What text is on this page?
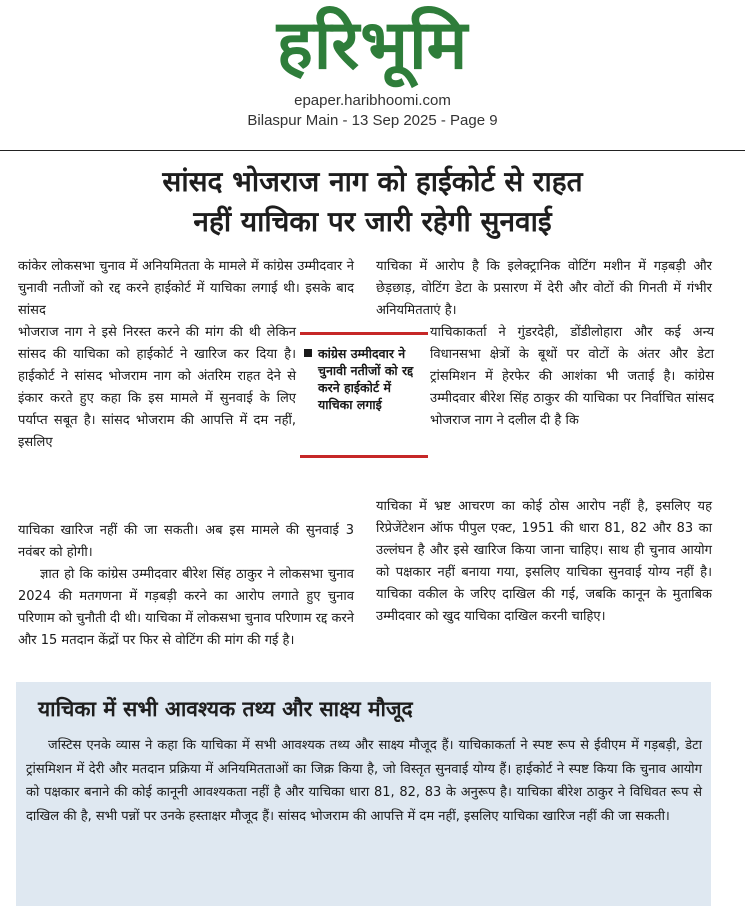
हरिभूमि
epaper.haribhoomi.com
Bilaspur Main - 13 Sep 2025 - Page 9
सांसद भोजराज नाग को हाईकोर्ट से राहत
नहीं याचिका पर जारी रहेगी सुनवाई

कांकेर लोकसभा चुनाव में अनियमितता के मामले में कांग्रेस उम्मीदवार ने चुनावी नतीजों को रद्द करने हाईकोर्ट में याचिका लगाई थी। इसके बाद सांसद

भोजराज नाग ने इसे निरस्त करने की मांग की थी लेकिन सांसद की याचिका को हाईकोर्ट ने खारिज कर दिया है। हाईकोर्ट ने सांसद भोजराम नाग को अंतरिम राहत देने से इंकार करते हुए कहा कि इस मामले में सुनवाई के लिए पर्याप्त सबूत है। सांसद भोजराम की आपत्ति में दम नहीं, इसलिए

याचिका खारिज नहीं की जा सकती। अब इस मामले की सुनवाई 3 नवंबर को होगी।

ज्ञात हो कि कांग्रेस उम्मीदवार बीरेश सिंह ठाकुर ने लोकसभा चुनाव 2024 की मतगणना में गड़बड़ी करने का आरोप लगाते हुए चुनाव परिणाम को चुनौती दी थी। याचिका में लोकसभा चुनाव परिणाम रद्द करने और 15 मतदान केंद्रों पर फिर से वोटिंग की मांग की गई है।

कांग्रेस उम्मीदवार ने चुनावी नतीजों को रद्द करने हाईकोर्ट में याचिका लगाई

याचिका में आरोप है कि इलेक्ट्रानिक वोटिंग मशीन में गड़बड़ी और छेड़छाड़, वोटिंग डेटा के प्रसारण में देरी और वोटों की गिनती में गंभीर अनियमितताएं है।

याचिकाकर्ता ने गुंडरदेही, डोंडीलोहारा और कई अन्य विधानसभा क्षेत्रों के बूथों पर वोटों के अंतर और डेटा ट्रांसमिशन में हेरफेर की आशंका भी जताई है। कांग्रेस उम्मीदवार बीरेश सिंह ठाकुर की याचिका पर निर्वाचित सांसद भोजराज नाग ने दलील दी है कि

याचिका में भ्रष्ट आचरण का कोई ठोस आरोप नहीं है, इसलिए यह रिप्रेजेंटेशन ऑफ पीपुल एक्ट, 1951 की धारा 81, 82 और 83 का उल्लंघन है और इसे खारिज किया जाना चाहिए। साथ ही चुनाव आयोग को पक्षकार नहीं बनाया गया, इसलिए याचिका सुनवाई योग्य नहीं है। याचिका वकील के जरिए दाखिल की गई, जबकि कानून के मुताबिक उम्मीदवार को खुद याचिका दाखिल करनी चाहिए।

याचिका में सभी आवश्यक तथ्य और साक्ष्य मौजूद

जस्टिस एनके व्यास ने कहा कि याचिका में सभी आवश्यक तथ्य और साक्ष्य मौजूद हैं। याचिकाकर्ता ने स्पष्ट रूप से ईवीएम में गड़बड़ी, डेटा ट्रांसमिशन में देरी और मतदान प्रक्रिया में अनियमितताओं का जिक्र किया है, जो विस्तृत सुनवाई योग्य हैं। हाईकोर्ट ने स्पष्ट किया कि चुनाव आयोग को पक्षकार बनाने की कोई कानूनी आवश्यकता नहीं है और याचिका धारा 81, 82, 83 के अनुरूप है। याचिका बीरेश ठाकुर ने विधिवत रूप से दाखिल की है, सभी पन्नों पर उनके हस्ताक्षर मौजूद हैं। सांसद भोजराम की आपत्ति में दम नहीं, इसलिए याचिका खारिज नहीं की जा सकती।
